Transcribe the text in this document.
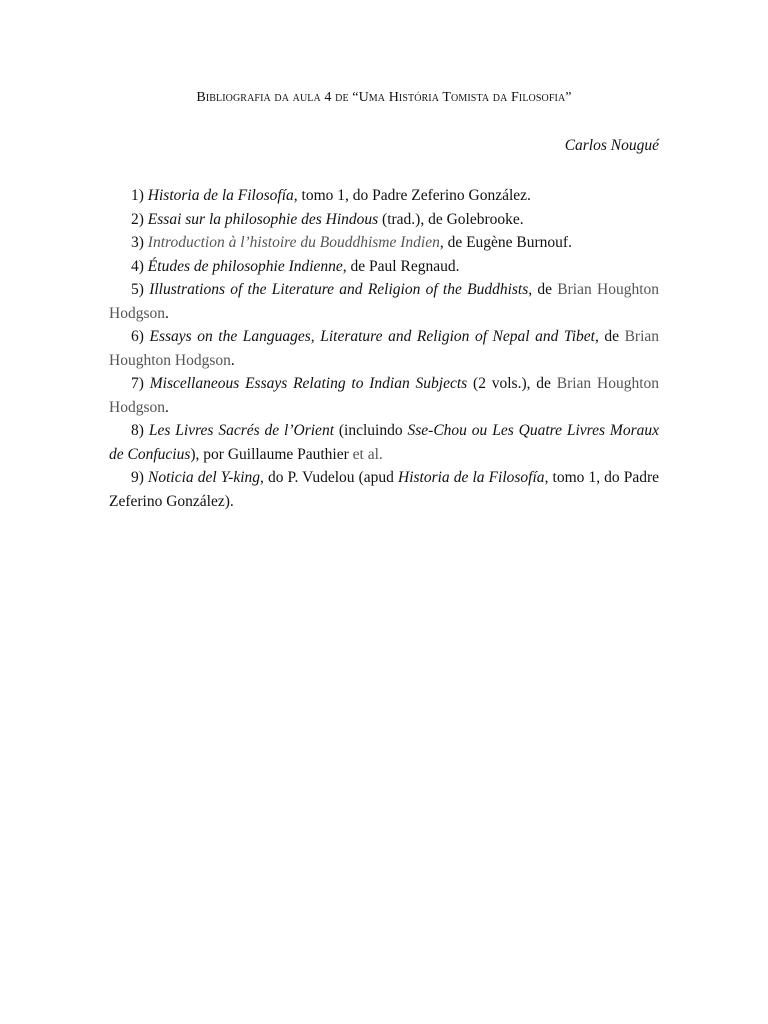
Bibliografia da aula 4 de “Uma História Tomista da Filosofia”
Carlos Nougué

1) Historia de la Filosofía, tomo 1, do Padre Zeferino González.

2) Essai sur la philosophie des Hindous (trad.), de Golebrooke.

3) Introduction à l’histoire du Bouddhisme Indien, de Eugène Burnouf.

4) Études de philosophie Indienne, de Paul Regnaud.

5) Illustrations of the Literature and Religion of the Buddhists, de Brian Houghton Hodgson.

6) Essays on the Languages, Literature and Religion of Nepal and Tibet, de Brian Houghton Hodgson.

7) Miscellaneous Essays Relating to Indian Subjects (2 vols.), de Brian Houghton Hodgson.

8) Les Livres Sacrés de l’Orient (incluindo Sse-Chou ou Les Quatre Livres Moraux de Confucius), por Guillaume Pauthier et al.

9) Noticia del Y-king, do P. Vudelou (apud Historia de la Filosofía, tomo 1, do Padre Zeferino González).
